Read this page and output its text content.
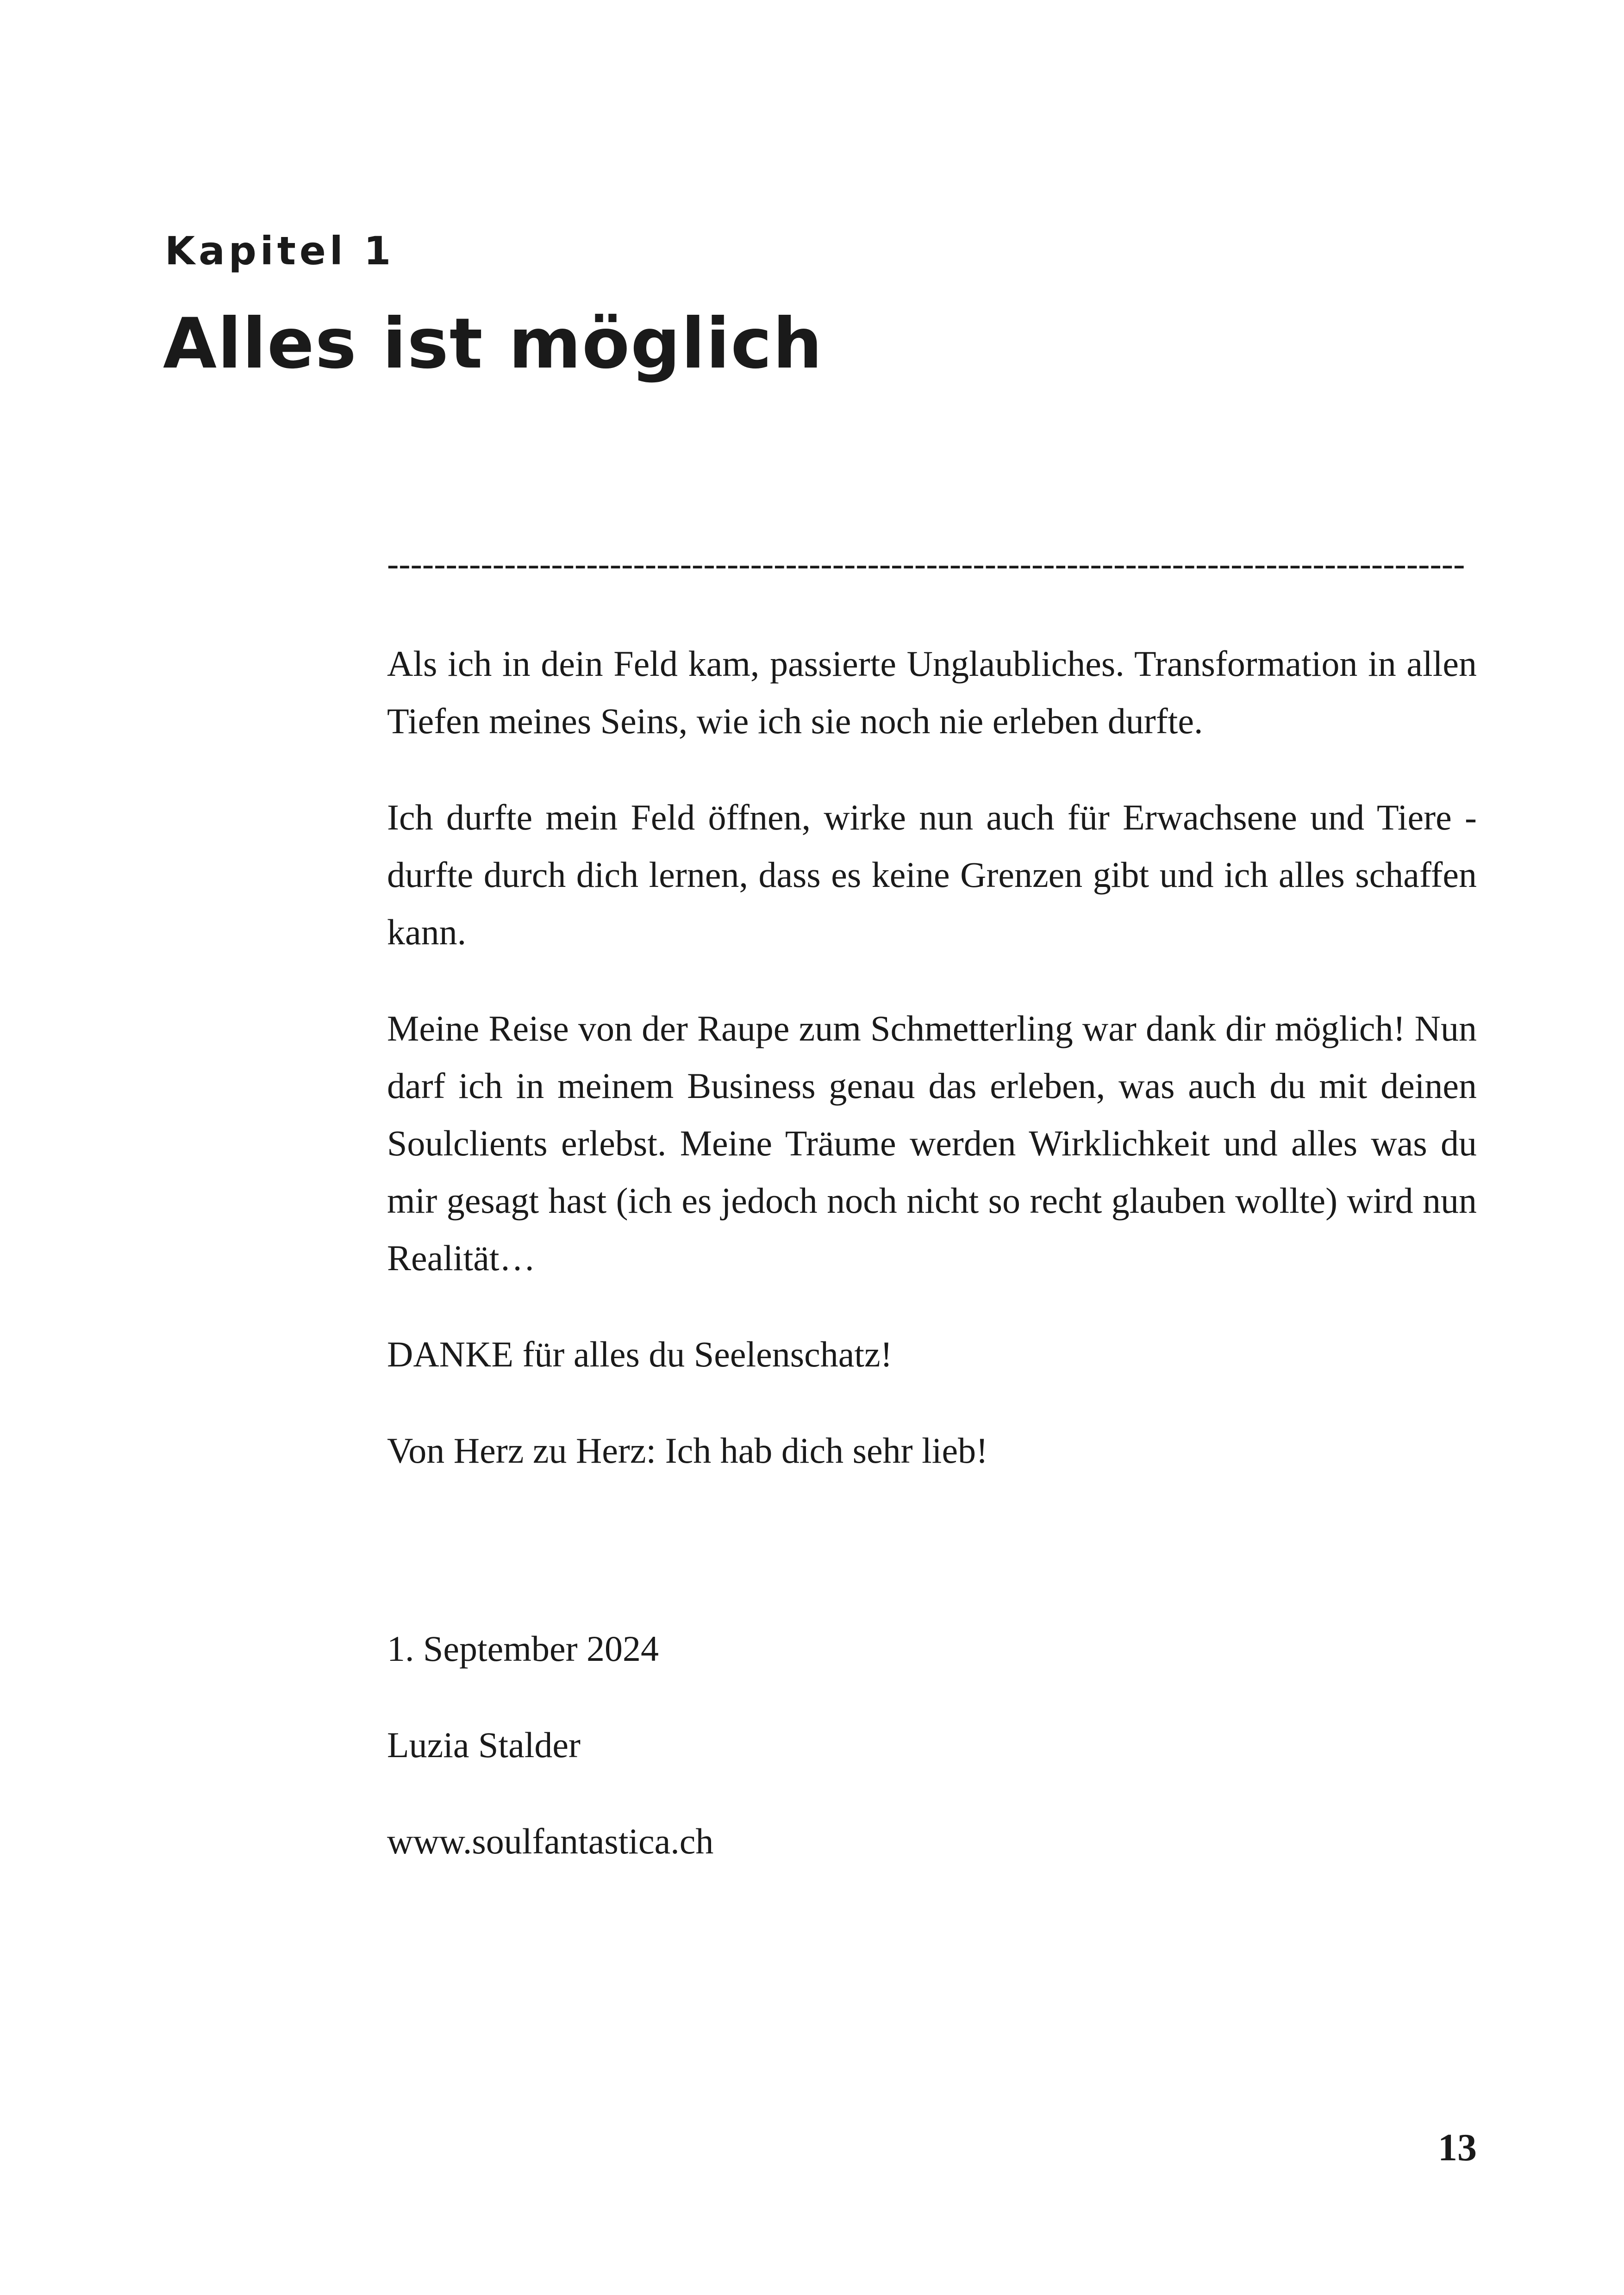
Kapitel 1
Alles ist möglich
--------------------------------------------------------------------------------------------

Als ich in dein Feld kam, passierte Unglaubliches. Transformation in allen Tiefen meines Seins, wie ich sie noch nie erleben durfte.

Ich durfte mein Feld öffnen, wirke nun auch für Erwachsene und Tiere - durfte durch dich lernen, dass es keine Grenzen gibt und ich alles schaffen kann.

Meine Reise von der Raupe zum Schmetterling war dank dir möglich! Nun darf ich in meinem Business genau das erleben, was auch du mit deinen Soulclients erlebst. Meine Träume werden Wirklichkeit und alles was du mir gesagt hast (ich es jedoch noch nicht so recht glauben wollte) wird nun Realität…

DANKE für alles du Seelenschatz!

Von Herz zu Herz: Ich hab dich sehr lieb!

1. September 2024

Luzia Stalder

www.soulfantastica.ch

13
